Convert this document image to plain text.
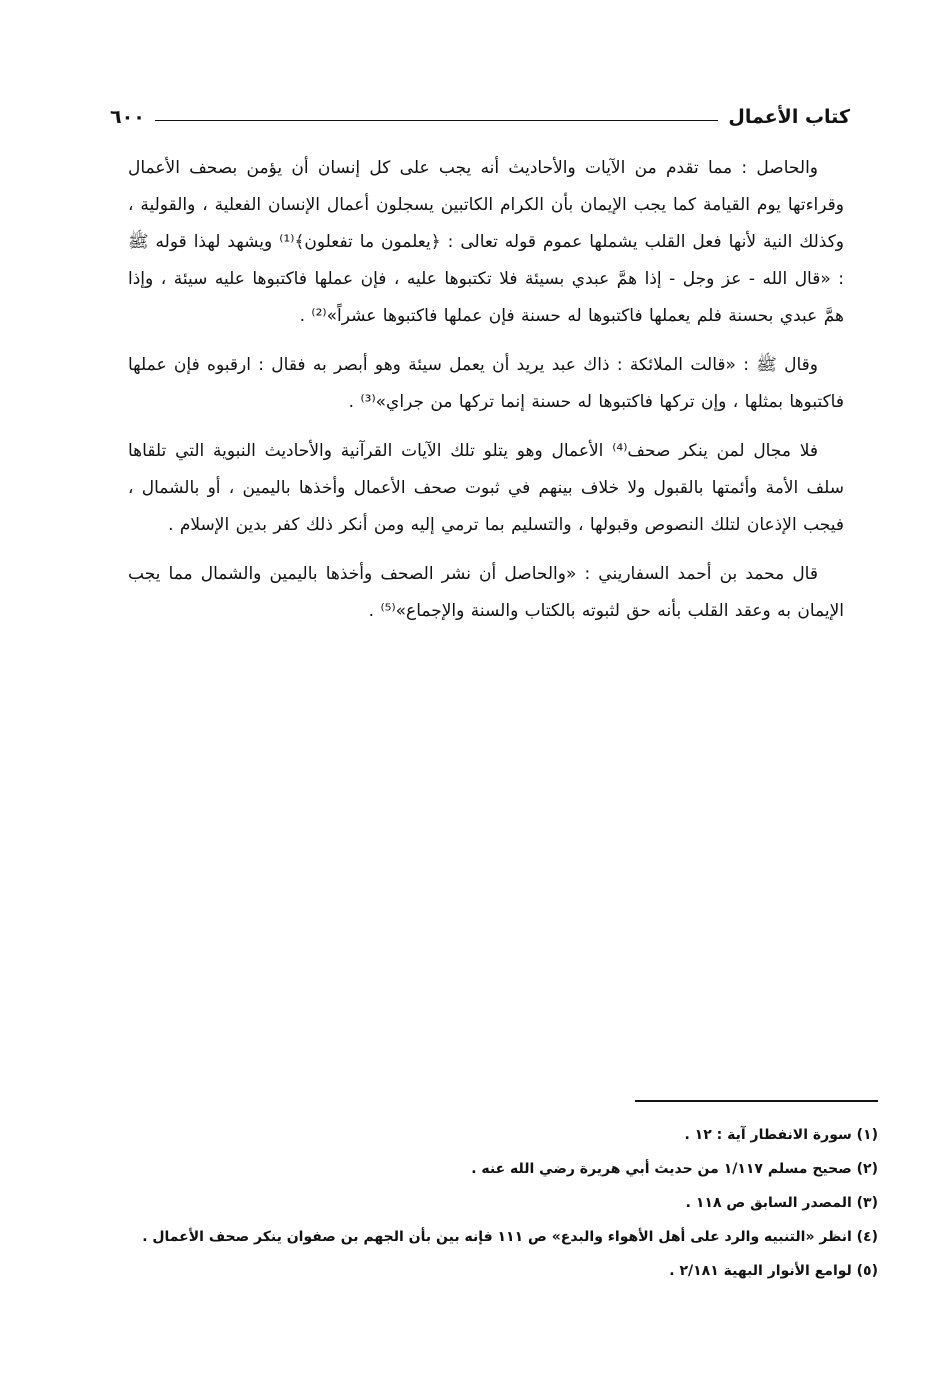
كتاب الأعمال
٦٠٠

والحاصل : مما تقدم من الآيات والأحاديث أنه يجب على كل إنسان أن يؤمن بصحف الأعمال وقراءتها يوم القيامة كما يجب الإيمان بأن الكرام الكاتبين يسجلون أعمال الإنسان الفعلية ، والقولية ، وكذلك النية لأنها فعل القلب يشملها عموم قوله تعالى : ﴿يعلمون ما تفعلون﴾⁽¹⁾ ويشهد لهذا قوله ﷺ : «قال الله - عز وجل - إذا همَّ عبدي بسيئة فلا تكتبوها عليه ، فإن عملها فاكتبوها عليه سيئة ، وإذا همَّ عبدي بحسنة فلم يعملها فاكتبوها له حسنة فإن عملها فاكتبوها عشراً»⁽²⁾ .

وقال ﷺ : «قالت الملائكة : ذاك عبد يريد أن يعمل سيئة وهو أبصر به فقال : ارقبوه فإن عملها فاكتبوها بمثلها ، وإن تركها فاكتبوها له حسنة إنما تركها من جراي»⁽³⁾ .

فلا مجال لمن ينكر صحف⁽⁴⁾ الأعمال وهو يتلو تلك الآيات القرآنية والأحاديث النبوية التي تلقاها سلف الأمة وأئمتها بالقبول ولا خلاف بينهم في ثبوت صحف الأعمال وأخذها باليمين ، أو بالشمال ، فيجب الإذعان لتلك النصوص وقبولها ، والتسليم بما ترمي إليه ومن أنكر ذلك كفر بدين الإسلام .

قال محمد بن أحمد السفاريني : «والحاصل أن نشر الصحف وأخذها باليمين والشمال مما يجب الإيمان به وعقد القلب بأنه حق لثبوته بالكتاب والسنة والإجماع»⁽⁵⁾ .

(١) سورة الانفطار آية : ١٢ .
(٢) صحيح مسلم ١/١١٧ من حديث أبي هريرة رضي الله عنه .
(٣) المصدر السابق ص ١١٨ .
(٤) انظر «التنبيه والرد على أهل الأهواء والبدع» ص ١١١ فإنه بين بأن الجهم بن صفوان ينكر صحف الأعمال .
(٥) لوامع الأنوار البهية ٢/١٨١ .
